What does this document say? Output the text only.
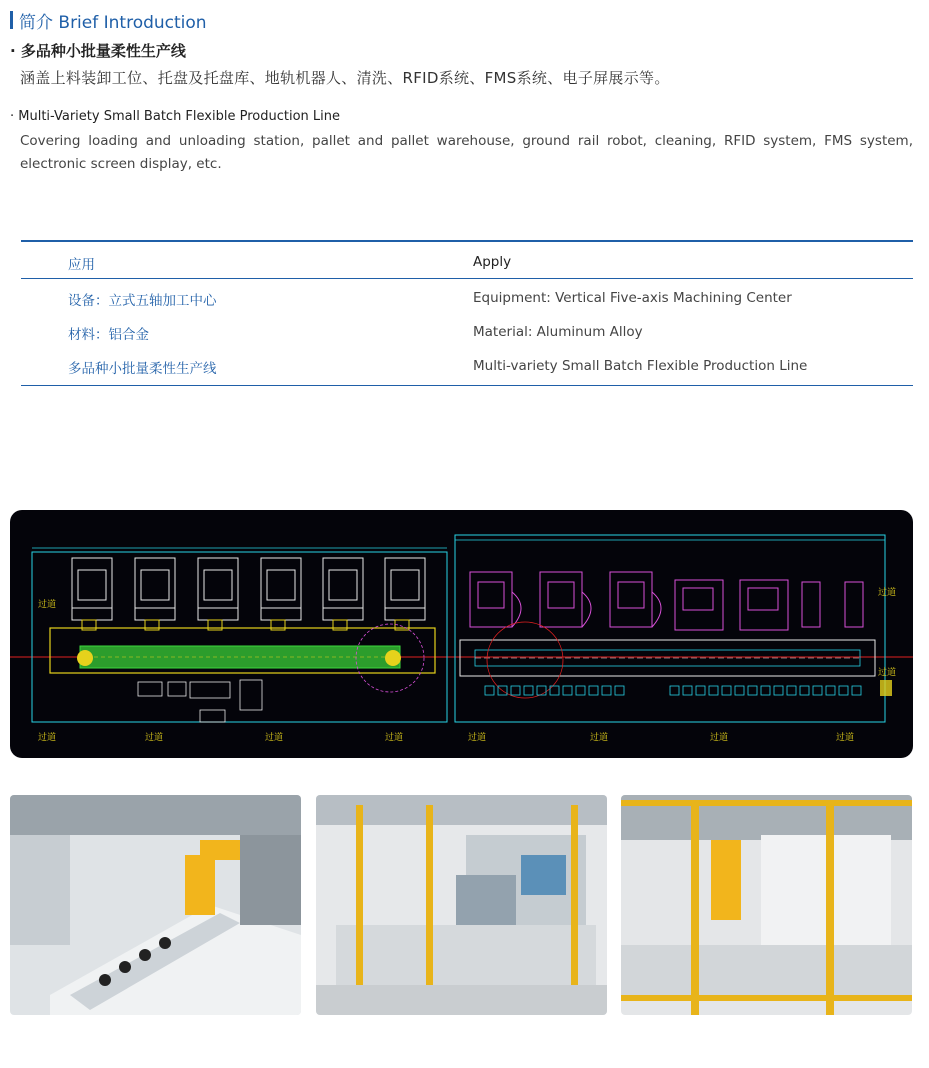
简介 Brief Introduction
· 多品种小批量柔性生产线
涵盖上料装卸工位、托盘及托盘库、地轨机器人、清洗、RFID系统、FMS系统、电子屏展示等。
· Multi-Variety Small Batch Flexible Production Line
Covering loading and unloading station, pallet and pallet warehouse, ground rail robot, cleaning, RFID system, FMS system, electronic screen display, etc.
应用	Apply
设备：立式五轴加工中心	Equipment: Vertical Five-axis Machining Center
材料：铝合金	Material: Aluminum Alloy
多品种小批量柔性生产线	Multi-variety Small Batch Flexible Production Line
过道
过道
过道	过道	过道	过道	过道	过道	过道	过道
过道
